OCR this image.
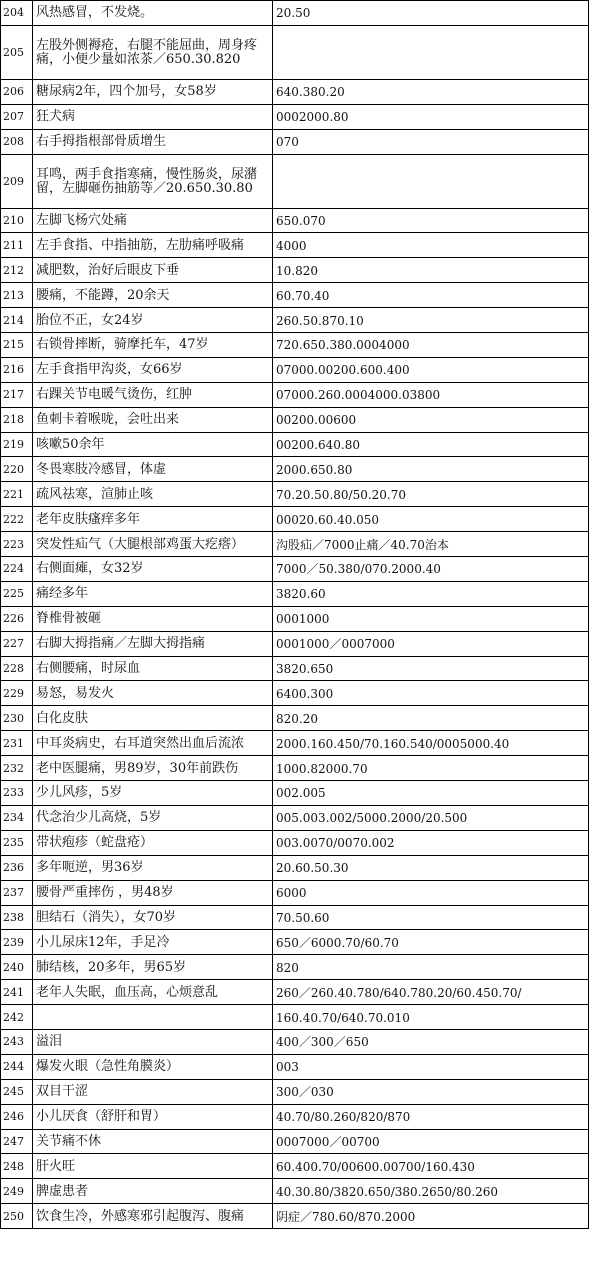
204	风热感冒，不发烧。	20.50
205	左股外侧褥疮，右腿不能屈曲，周身疼痛，小便少量如浓茶／650.30.820	
206	糖尿病2年，四个加号，女58岁	640.380.20
207	狂犬病	0002000.80
208	右手拇指根部骨质增生	070
209	耳鸣，两手食指寒痛，慢性肠炎，尿潴留，左脚砸伤抽筋等／20.650.30.80	
210	左脚飞杨穴处痛	650.070
211	左手食指、中指抽筋，左肋痛呼吸痛	4000
212	减肥数，治好后眼皮下垂	10.820
213	腰痛，不能蹲，20余天	60.70.40
214	胎位不正，女24岁	260.50.870.10
215	右锁骨摔断，骑摩托车，47岁	720.650.380.0004000
216	左手食指甲沟炎，女66岁	07000.00200.600.400
217	右踝关节电暖气烫伤，红肿	07000.260.0004000.03800
218	鱼刺卡着喉咙，会吐出来	00200.00600
219	咳嗽50余年	00200.640.80
220	冬畏寒肢冷感冒，体虚	2000.650.80
221	疏风祛寒，渲肺止咳	70.20.50.80/50.20.70
222	老年皮肤瘙痒多年	00020.60.40.050
223	突发性疝气（大腿根部鸡蛋大疙瘩）	沟股疝／7000止痛／40.70治本
224	右侧面瘫，女32岁	7000／50.380/070.2000.40
225	痛经多年	3820.60
226	脊椎骨被砸	0001000
227	右脚大拇指痛／左脚大拇指痛	0001000／0007000
228	右侧腰痛，时尿血	3820.650
229	易怒，易发火	6400.300
230	白化皮肤	820.20
231	中耳炎病史，右耳道突然出血后流浓	2000.160.450/70.160.540/0005000.40
232	老中医腿痛，男89岁，30年前跌伤	1000.82000.70
233	少儿风疹，5岁	002.005
234	代念治少儿高烧，5岁	005.003.002/5000.2000/20.500
235	带状疱疹（蛇盘疮）	003.0070/0070.002
236	多年呃逆，男36岁	20.60.50.30
237	腰骨严重摔伤 ，男48岁	6000
238	胆结石（消失），女70岁	70.50.60
239	小儿尿床12年，手足冷	650／6000.70/60.70
240	肺结核，20多年，男65岁	820
241	老年人失眠，血压高，心烦意乱	260／260.40.780/640.780.20/60.450.70/
242		160.40.70/640.70.010
243	溢泪	400／300／650
244	爆发火眼（急性角膜炎）	003
245	双目干涩	300／030
246	小儿厌食（舒肝和胃）	40.70/80.260/820/870
247	关节痛不休	0007000／00700
248	肝火旺	60.400.70/00600.00700/160.430
249	脾虚患者	40.30.80/3820.650/380.2650/80.260
250	饮食生冷，外感寒邪引起腹泻、腹痛	阴症／780.60/870.2000
